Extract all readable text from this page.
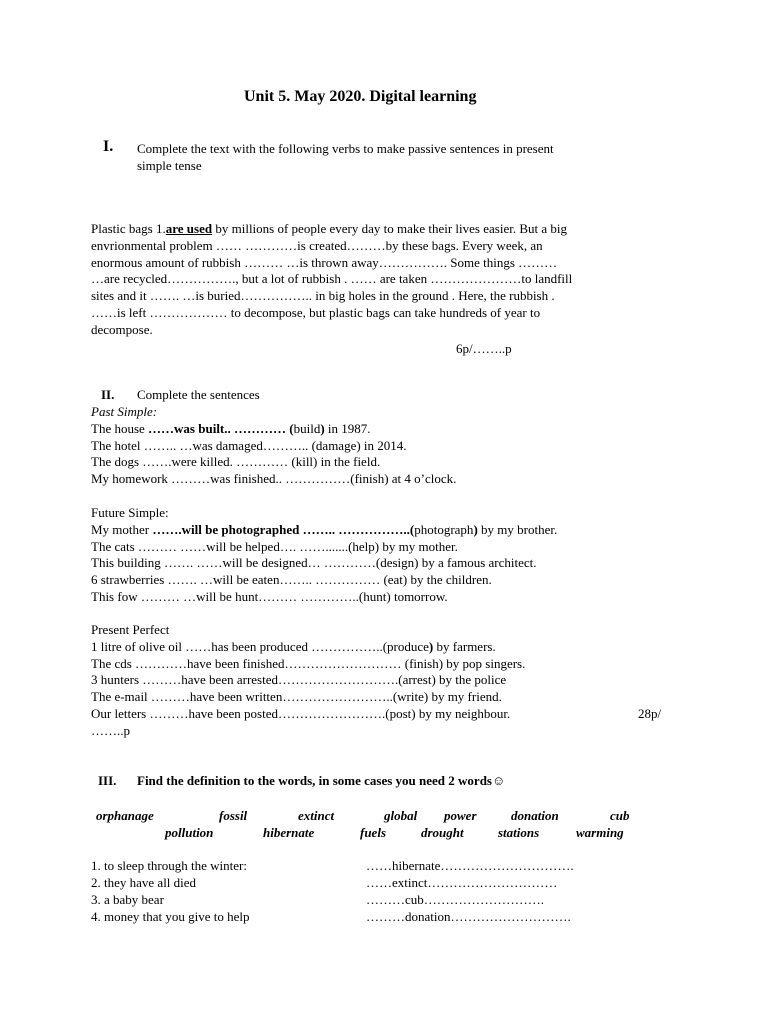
Unit 5. May 2020. Digital learning
I. Complete the text with the following verbs to make passive sentences in present
simple tense
Plastic bags 1.are used by millions of people every day to make their lives easier. But a big
envrionmental problem …… …………is created………by these bags. Every week, an
enormous amount of rubbish ……… …is thrown away……………. Some things ………
…are recycled……………., but a lot of rubbish . …… are taken …………………to landfill
sites and it ……. …is buried…………….. in big holes in the ground . Here, the rubbish .
……is left ……………… to decompose, but plastic bags can take hundreds of year to
decompose.
6p/……..p
II. Complete the sentences
Past Simple:
The house ……was built.. ………… (build) in 1987.
The hotel …….. …was damaged……….. (damage) in 2014.
The dogs …….were killed. ………… (kill) in the field.
My homework ………was finished.. ……………(finish) at 4 o’clock.
Future Simple:
My mother …….will be photographed …….. ……………..(photograph) by my brother.
The cats ……… ……will be helped…. …….......(help) by my mother.
This building ……. ……will be designed… …………(design) by a famous architect.
6 strawberries ……. …will be eaten…….. …………… (eat) by the children.
This fow ……… …will be hunt……… …………..(hunt) tomorrow.
Present Perfect
1 litre of olive oil ……has been produced ……………..(produce) by farmers.
The cds …………have been finished……………………… (finish) by pop singers.
3 hunters ………have been arrested……………………….(arrest) by the police
The e-mail ………have been written……………………..(write) by my friend.
Our letters ………have been posted…………………….(post) by my neighbour.
……..p
28p/
III. Find the definition to the words, in some cases you need 2 words☺
orphanage	fossil	extinct	global power	donation	cub
pollution	hibernate	fuels	drought	stations	warming
1. to sleep through the winter:	……hibernate………………………….
2. they have all died	……extinct…………………………
3. a baby bear	………cub……………………….
4. money that you give to help	………donation……………………….
